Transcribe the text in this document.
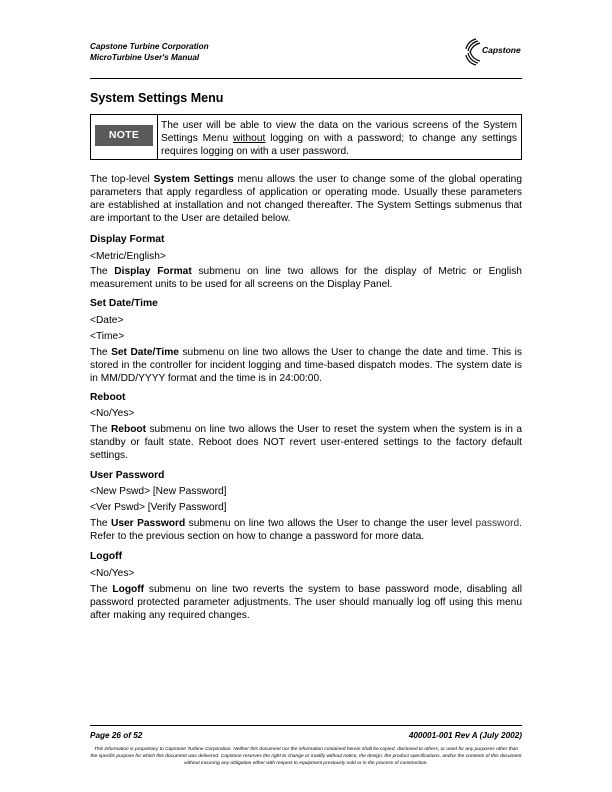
Capstone Turbine Corporation
MicroTurbine User's Manual
Capstone
System Settings Menu
NOTE
The user will be able to view the data on the various screens of the System Settings Menu without logging on with a password; to change any settings requires logging on with a user password.
The top-level System Settings menu allows the user to change some of the global operating parameters that apply regardless of application or operating mode. Usually these parameters are established at installation and not changed thereafter. The System Settings submenus that are important to the User are detailed below.
Display Format
<Metric/English>
The Display Format submenu on line two allows for the display of Metric or English measurement units to be used for all screens on the Display Panel.
Set Date/Time
<Date>
<Time>
The Set Date/Time submenu on line two allows the User to change the date and time. This is stored in the controller for incident logging and time-based dispatch modes. The system date is in MM/DD/YYYY format and the time is in 24:00:00.
Reboot
<No/Yes>
The Reboot submenu on line two allows the User to reset the system when the system is in a standby or fault state. Reboot does NOT revert user-entered settings to the factory default settings.
User Password
<New Pswd> [New Password]
<Ver Pswd> [Verify Password]
The User Password submenu on line two allows the User to change the user level password. Refer to the previous section on how to change a password for more data.
Logoff
<No/Yes>
The Logoff submenu on line two reverts the system to base password mode, disabling all password protected parameter adjustments. The user should manually log off using this menu after making any required changes.
Page 26 of 52	400001-001 Rev A (July 2002)
This information is proprietary to Capstone Turbine Corporation. Neither this document nor the information contained herein shall be copied, disclosed to others, or used for any purposes other than the specific purpose for which this document was delivered. Capstone reserves the right to change or modify without notice, the design, the product specifications, and/or the contents of this document without incurring any obligation either with respect to equipment previously sold or in the process of construction.
